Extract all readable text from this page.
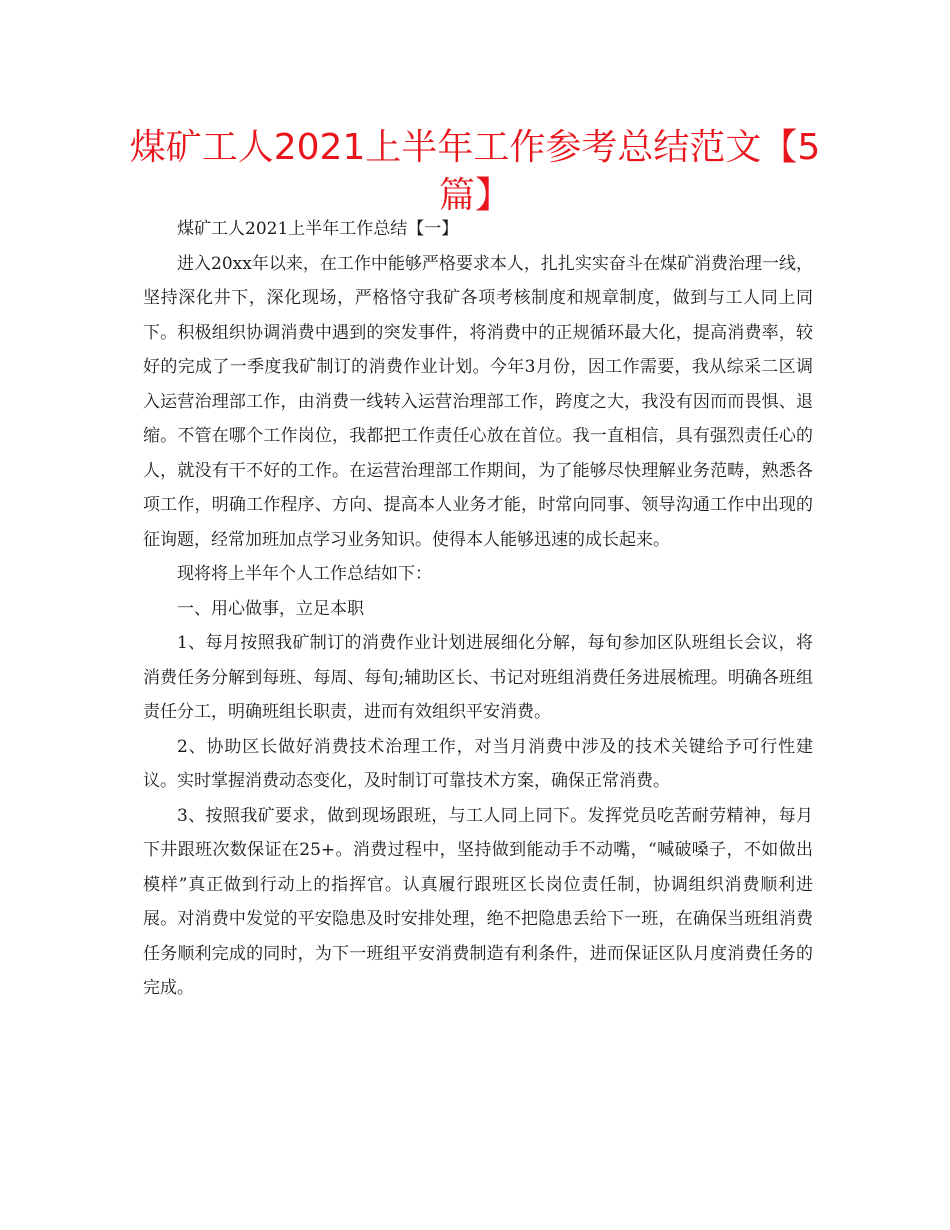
煤矿工人2021上半年工作参考总结范文【5篇】

煤矿工人2021上半年工作总结【一】

进入20xx年以来，在工作中能够严格要求本人，扎扎实实奋斗在煤矿消费治理一线，坚持深化井下，深化现场，严格恪守我矿各项考核制度和规章制度，做到与工人同上同下。积极组织协调消费中遇到的突发事件，将消费中的正规循环最大化，提高消费率，较好的完成了一季度我矿制订的消费作业计划。今年3月份，因工作需要，我从综采二区调入运营治理部工作，由消费一线转入运营治理部工作，跨度之大，我没有因而而畏惧、退缩。不管在哪个工作岗位，我都把工作责任心放在首位。我一直相信，具有强烈责任心的人，就没有干不好的工作。在运营治理部工作期间，为了能够尽快理解业务范畴，熟悉各项工作，明确工作程序、方向、提高本人业务才能，时常向同事、领导沟通工作中出现的征询题，经常加班加点学习业务知识。使得本人能够迅速的成长起来。

现将将上半年个人工作总结如下：

一、用心做事，立足本职

1、每月按照我矿制订的消费作业计划进展细化分解，每旬参加区队班组长会议，将消费任务分解到每班、每周、每旬;辅助区长、书记对班组消费任务进展梳理。明确各班组责任分工，明确班组长职责，进而有效组织平安消费。

2、协助区长做好消费技术治理工作，对当月消费中涉及的技术关键给予可行性建议。实时掌握消费动态变化，及时制订可靠技术方案，确保正常消费。

3、按照我矿要求，做到现场跟班，与工人同上同下。发挥党员吃苦耐劳精神，每月下井跟班次数保证在25+。消费过程中，坚持做到能动手不动嘴，“喊破嗓子，不如做出模样”真正做到行动上的指挥官。认真履行跟班区长岗位责任制，协调组织消费顺利进展。对消费中发觉的平安隐患及时安排处理，绝不把隐患丢给下一班，在确保当班组消费任务顺利完成的同时，为下一班组平安消费制造有利条件，进而保证区队月度消费任务的完成。
